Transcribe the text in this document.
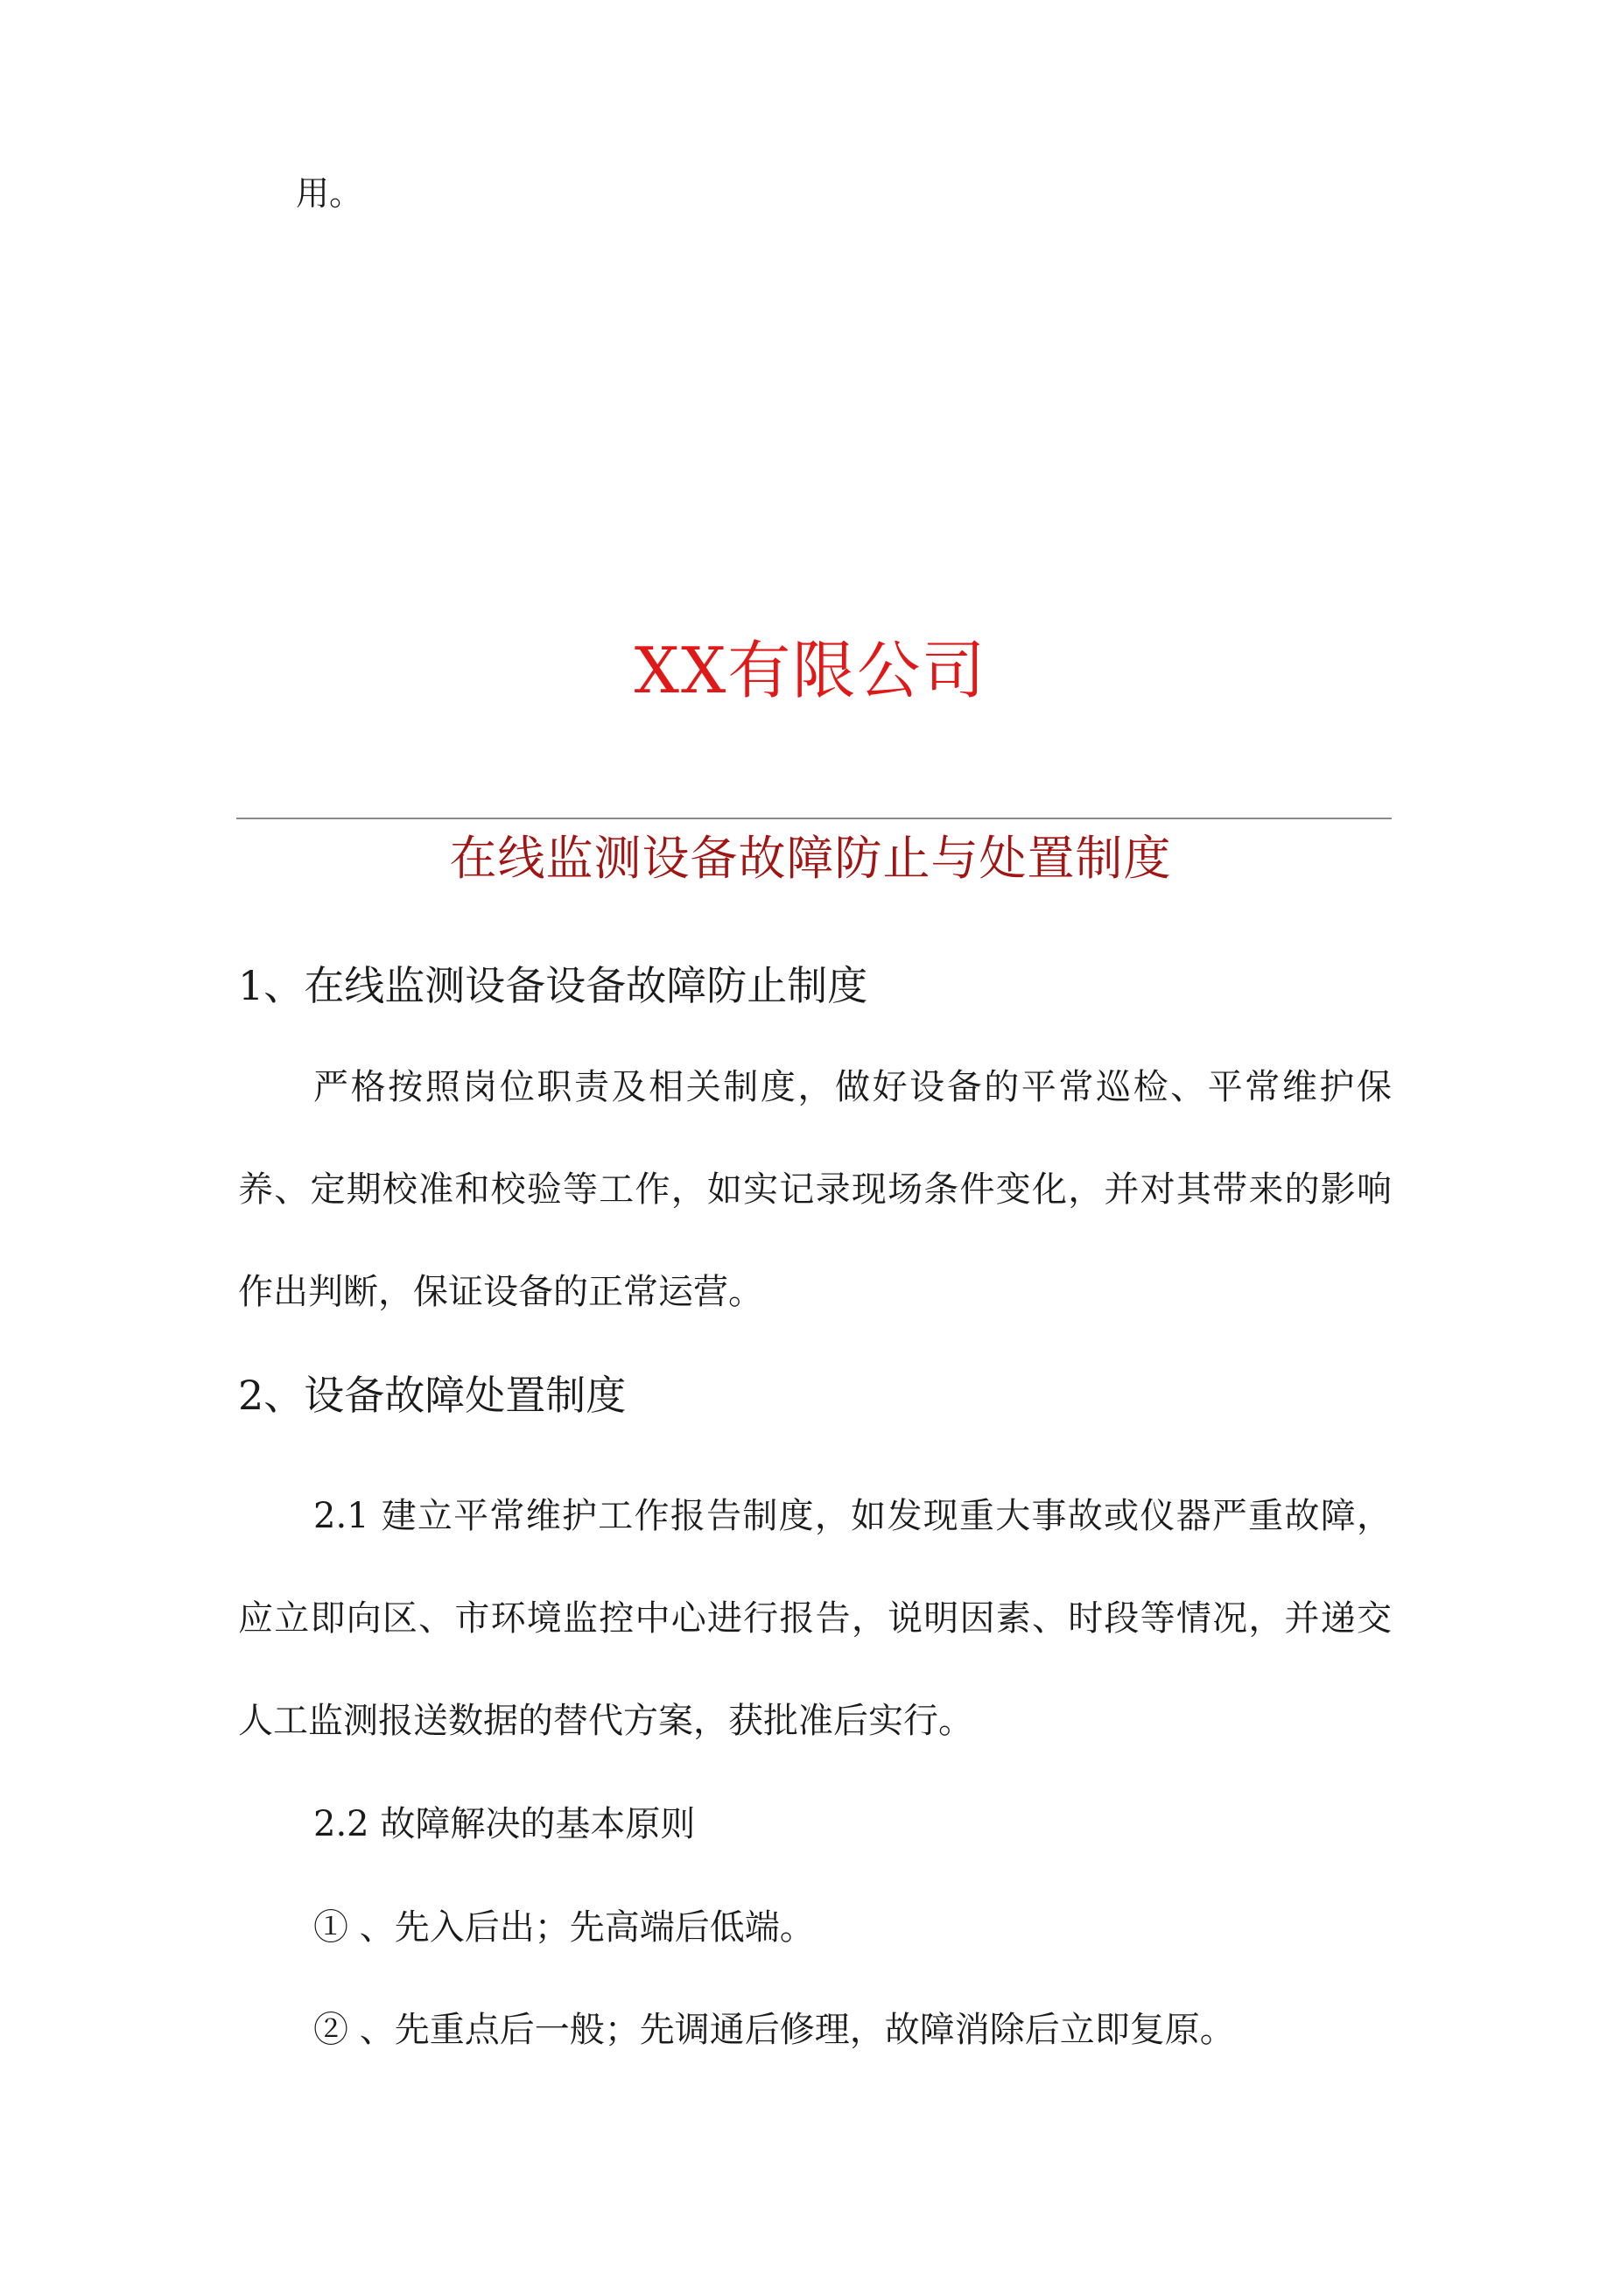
用。

XX有限公司
在线监测设备故障防止与处置制度
1、在线监测设备设备故障防止制度

严格按照岗位职责及相关制度，做好设备的平常巡检、平常维护保

养、定期校准和校验等工作，如实记录现场条件变化，并对其带来的影响

作出判断，保证设备的正常运营。

2、设备故障处置制度

2.1 建立平常维护工作报告制度，如发现重大事故或仪器严重故障，

应立即向区、市环境监控中心进行报告，说明因素、时段等情况，并递交

人工监测报送数据的替代方案，获批准后实行。

2.2 故障解决的基本原则

① 、先入后出；先高端后低端。

② 、先重点后一般；先调通后修理，故障消除后立即复原。
